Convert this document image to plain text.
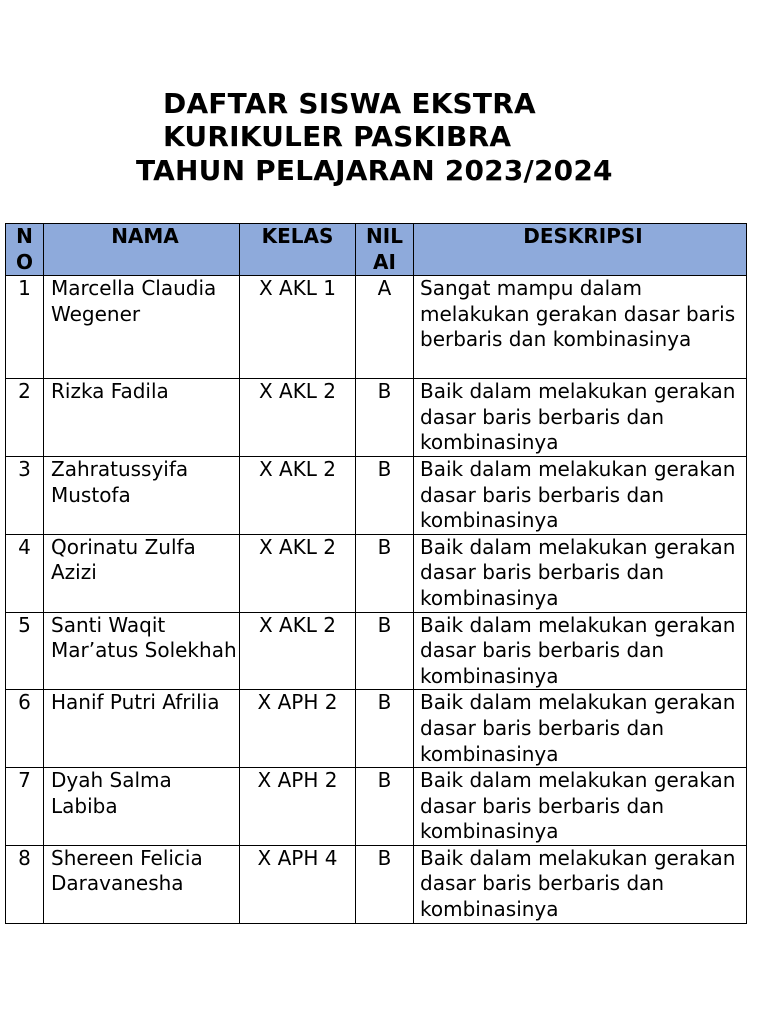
DAFTAR SISWA EKSTRA
KURIKULER PASKIBRA
TAHUN PELAJARAN 2023/2024
NO	NAMA	KELAS	NILAI	DESKRIPSI
1	Marcella Claudia Wegener	X AKL 1	A	Sangat mampu dalam melakukan gerakan dasar baris berbaris dan kombinasinya
2	Rizka Fadila	X AKL 2	B	Baik dalam melakukan gerakan dasar baris berbaris dan kombinasinya
3	Zahratussyifa Mustofa	X AKL 2	B	Baik dalam melakukan gerakan dasar baris berbaris dan kombinasinya
4	Qorinatu Zulfa Azizi	X AKL 2	B	Baik dalam melakukan gerakan dasar baris berbaris dan kombinasinya
5	Santi Waqit Mar’atus Solekhah	X AKL 2	B	Baik dalam melakukan gerakan dasar baris berbaris dan kombinasinya
6	Hanif Putri Afrilia	X APH 2	B	Baik dalam melakukan gerakan dasar baris berbaris dan kombinasinya
7	Dyah Salma Labiba	X APH 2	B	Baik dalam melakukan gerakan dasar baris berbaris dan kombinasinya
8	Shereen Felicia Daravanesha	X APH 4	B	Baik dalam melakukan gerakan dasar baris berbaris dan kombinasinya
